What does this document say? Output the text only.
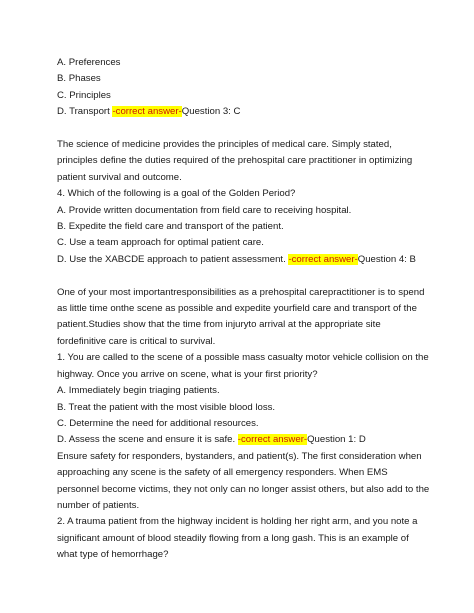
A. Preferences
B. Phases
C. Principles
D. Transport -correct answer-Question 3: C
The science of medicine provides the principles of medical care. Simply stated,
principles define the duties required of the prehospital care practitioner in optimizing
patient survival and outcome.
4. Which of the following is a goal of the Golden Period?
A. Provide written documentation from field care to receiving hospital.
B. Expedite the field care and transport of the patient.
C. Use a team approach for optimal patient care.
D. Use the XABCDE approach to patient assessment. -correct answer-Question 4: B
One of your most importantresponsibilities as a prehospital carepractitioner is to spend
as little time onthe scene as possible and expedite yourfield care and transport of the
patient.Studies show that the time from injuryto arrival at the appropriate site
fordefinitive care is critical to survival.
1. You are called to the scene of a possible mass casualty motor vehicle collision on the
highway. Once you arrive on scene, what is your first priority?
A. Immediately begin triaging patients.
B. Treat the patient with the most visible blood loss.
C. Determine the need for additional resources.
D. Assess the scene and ensure it is safe. -correct answer-Question 1: D
Ensure safety for responders, bystanders, and patient(s). The first consideration when
approaching any scene is the safety of all emergency responders. When EMS
personnel become victims, they not only can no longer assist others, but also add to the
number of patients.
2. A trauma patient from the highway incident is holding her right arm, and you note a
significant amount of blood steadily flowing from a long gash. This is an example of
what type of hemorrhage?
